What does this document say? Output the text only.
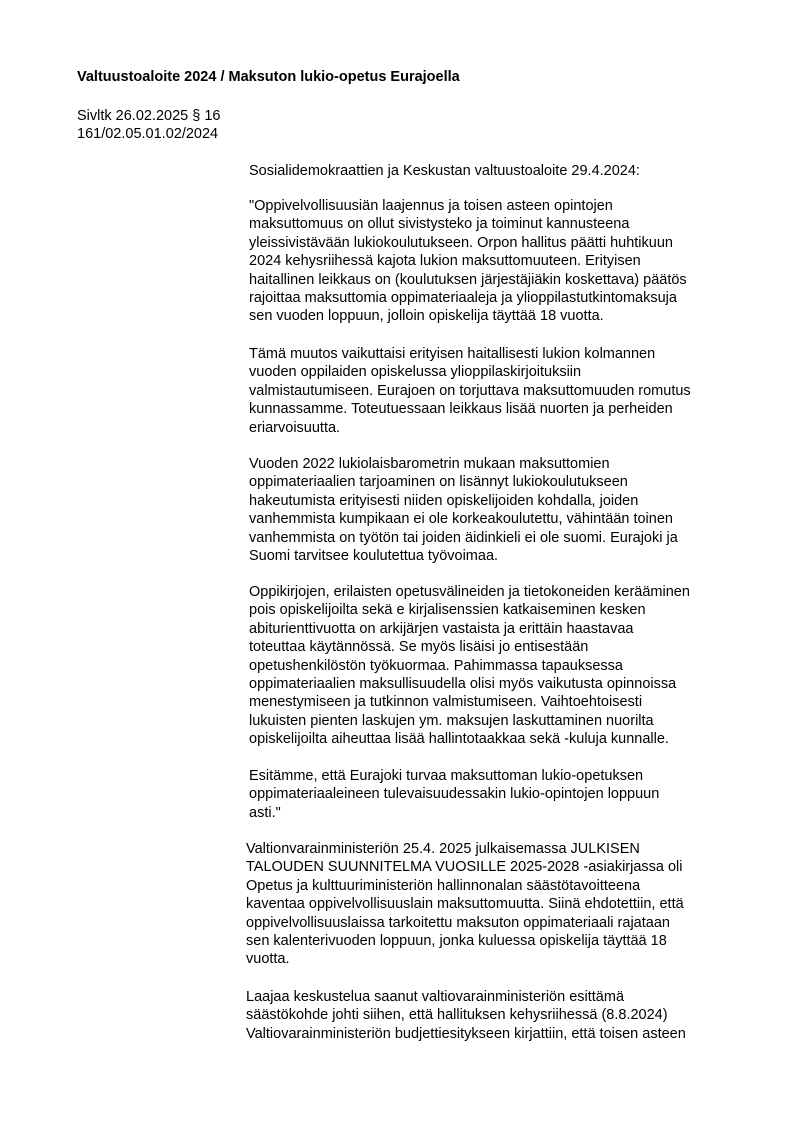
Valtuustoaloite 2024 / Maksuton lukio-opetus Eurajoella
Sivltk 26.02.2025 § 16
161/02.05.01.02/2024
Sosialidemokraattien ja Keskustan valtuustoaloite 29.4.2024:
"Oppivelvollisuusiän laajennus ja toisen asteen opintojen
maksuttomuus on ollut sivistysteko ja toiminut kannusteena
yleissivistävään lukiokoulutukseen. Orpon hallitus päätti huhtikuun
2024 kehysriihessä kajota lukion maksuttomuuteen. Erityisen
haitallinen leikkaus on (koulutuksen järjestäjiäkin koskettava) päätös
rajoittaa maksuttomia oppimateriaaleja ja ylioppilastutkintomaksuja
sen vuoden loppuun, jolloin opiskelija täyttää 18 vuotta.
Tämä muutos vaikuttaisi erityisen haitallisesti lukion kolmannen
vuoden oppilaiden opiskelussa ylioppilaskirjoituksiin
valmistautumiseen. Eurajoen on torjuttava maksuttomuuden romutus
kunnassamme. Toteutuessaan leikkaus lisää nuorten ja perheiden
eriarvoisuutta.
Vuoden 2022 lukiolaisbarometrin mukaan maksuttomien
oppimateriaalien tarjoaminen on lisännyt lukiokoulutukseen
hakeutumista erityisesti niiden opiskelijoiden kohdalla, joiden
vanhemmista kumpikaan ei ole korkeakoulutettu, vähintään toinen
vanhemmista on työtön tai joiden äidinkieli ei ole suomi. Eurajoki ja
Suomi tarvitsee koulutettua työvoimaa.
Oppikirjojen, erilaisten opetusvälineiden ja tietokoneiden kerääminen
pois opiskelijoilta sekä e kirjalisenssien katkaiseminen kesken
abiturienttivuotta on arkijärjen vastaista ja erittäin haastavaa
toteuttaa käytännössä. Se myös lisäisi jo entisestään
opetushenkilöstön työkuormaa. Pahimmassa tapauksessa
oppimateriaalien maksullisuudella olisi myös vaikutusta opinnoissa
menestymiseen ja tutkinnon valmistumiseen. Vaihtoehtoisesti
lukuisten pienten laskujen ym. maksujen laskuttaminen nuorilta
opiskelijoilta aiheuttaa lisää hallintotaakkaa sekä -kuluja kunnalle.
Esitämme, että Eurajoki turvaa maksuttoman lukio-opetuksen
oppimateriaaleineen tulevaisuudessakin lukio-opintojen loppuun
asti."
Valtionvarainministeriön 25.4. 2025 julkaisemassa JULKISEN
TALOUDEN SUUNNITELMA VUOSILLE 2025-2028 -asiakirjassa oli
Opetus ja kulttuuriministeriön hallinnonalan säästötavoitteena
kaventaa oppivelvollisuuslain maksuttomuutta. Siinä ehdotettiin, että
oppivelvollisuuslaissa tarkoitettu maksuton oppimateriaali rajataan
sen kalenterivuoden loppuun, jonka kuluessa opiskelija täyttää 18
vuotta.
Laajaa keskustelua saanut valtiovarainministeriön esittämä
säästökohde johti siihen, että hallituksen kehysriihessä (8.8.2024)
Valtiovarainministeriön budjettiesitykseen kirjattiin, että toisen asteen
